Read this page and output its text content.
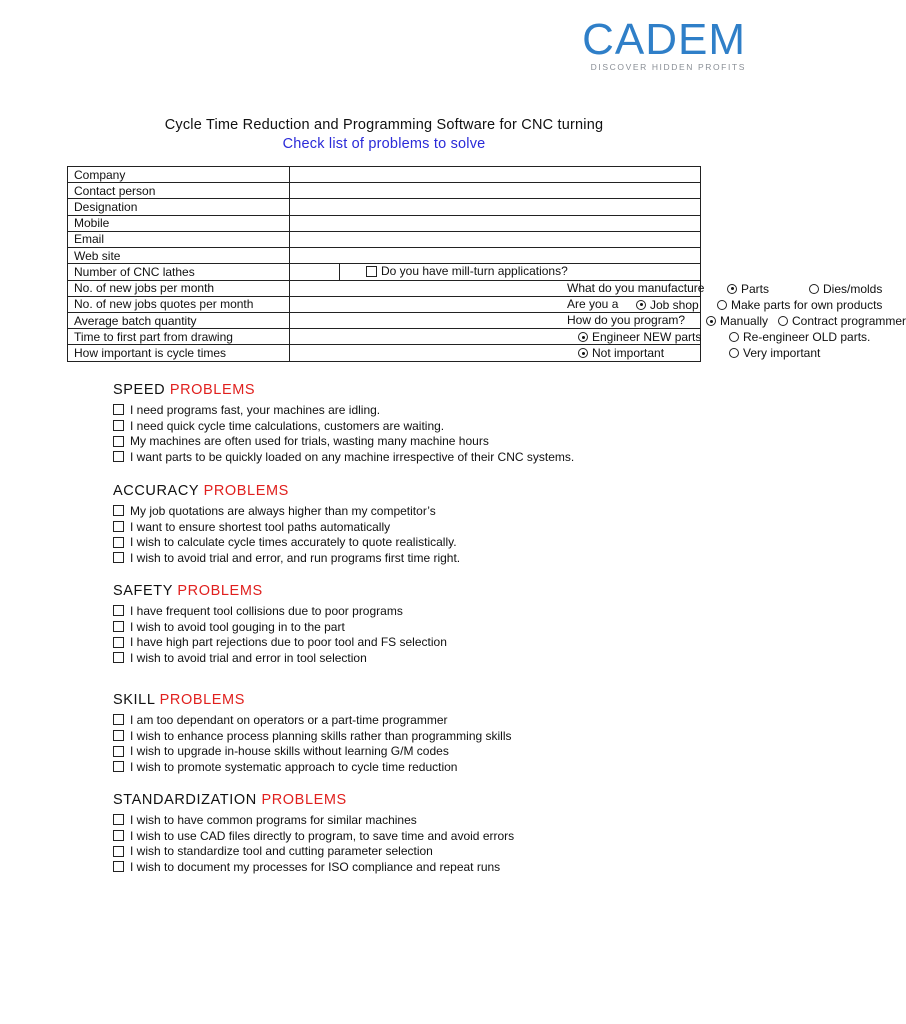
CADEM
DISCOVER HIDDEN PROFITS
Cycle Time Reduction and Programming Software for CNC turning
Check list of problems to solve
Company		
Contact person		
Designation		
Mobile		
Email		
Web site		
Number of CNC lathes		Do you have mill-turn applications?

No. of new jobs per month	What do you manufacture Parts Dies/molds	

No. of new jobs quotes per month	Are you a Job shop Make parts for own products	

Average batch quantity	How do you program? Manually Contract programmer	

Time to first part from drawing	Engineer NEW parts Re-engineer OLD parts.	

How important is cycle times	Not important Very important	
SPEED PROBLEMS
I need programs fast, your machines are idling.
I need quick cycle time calculations, customers are waiting.
My machines are often used for trials, wasting many machine hours
I want parts to be quickly loaded on any machine irrespective of their CNC systems.
ACCURACY PROBLEMS
My job quotations are always higher than my competitor’s
I want to ensure shortest tool paths automatically
I wish to calculate cycle times accurately to quote realistically.
I wish to avoid trial and error, and run programs first time right.
SAFETY PROBLEMS
I have frequent tool collisions due to poor programs
I wish to avoid tool gouging in to the part
I have high part rejections due to poor tool and FS selection
I wish to avoid trial and error in tool selection
SKILL PROBLEMS
I am too dependant on operators or a part-time programmer
I wish to enhance process planning skills rather than programming skills
I wish to upgrade in-house skills without learning G/M codes
I wish to promote systematic approach to cycle time reduction
STANDARDIZATION PROBLEMS
I wish to have common programs for similar machines
I wish to use CAD files directly to program, to save time and avoid errors
I wish to standardize tool and cutting parameter selection
I wish to document my processes for ISO compliance and repeat runs
